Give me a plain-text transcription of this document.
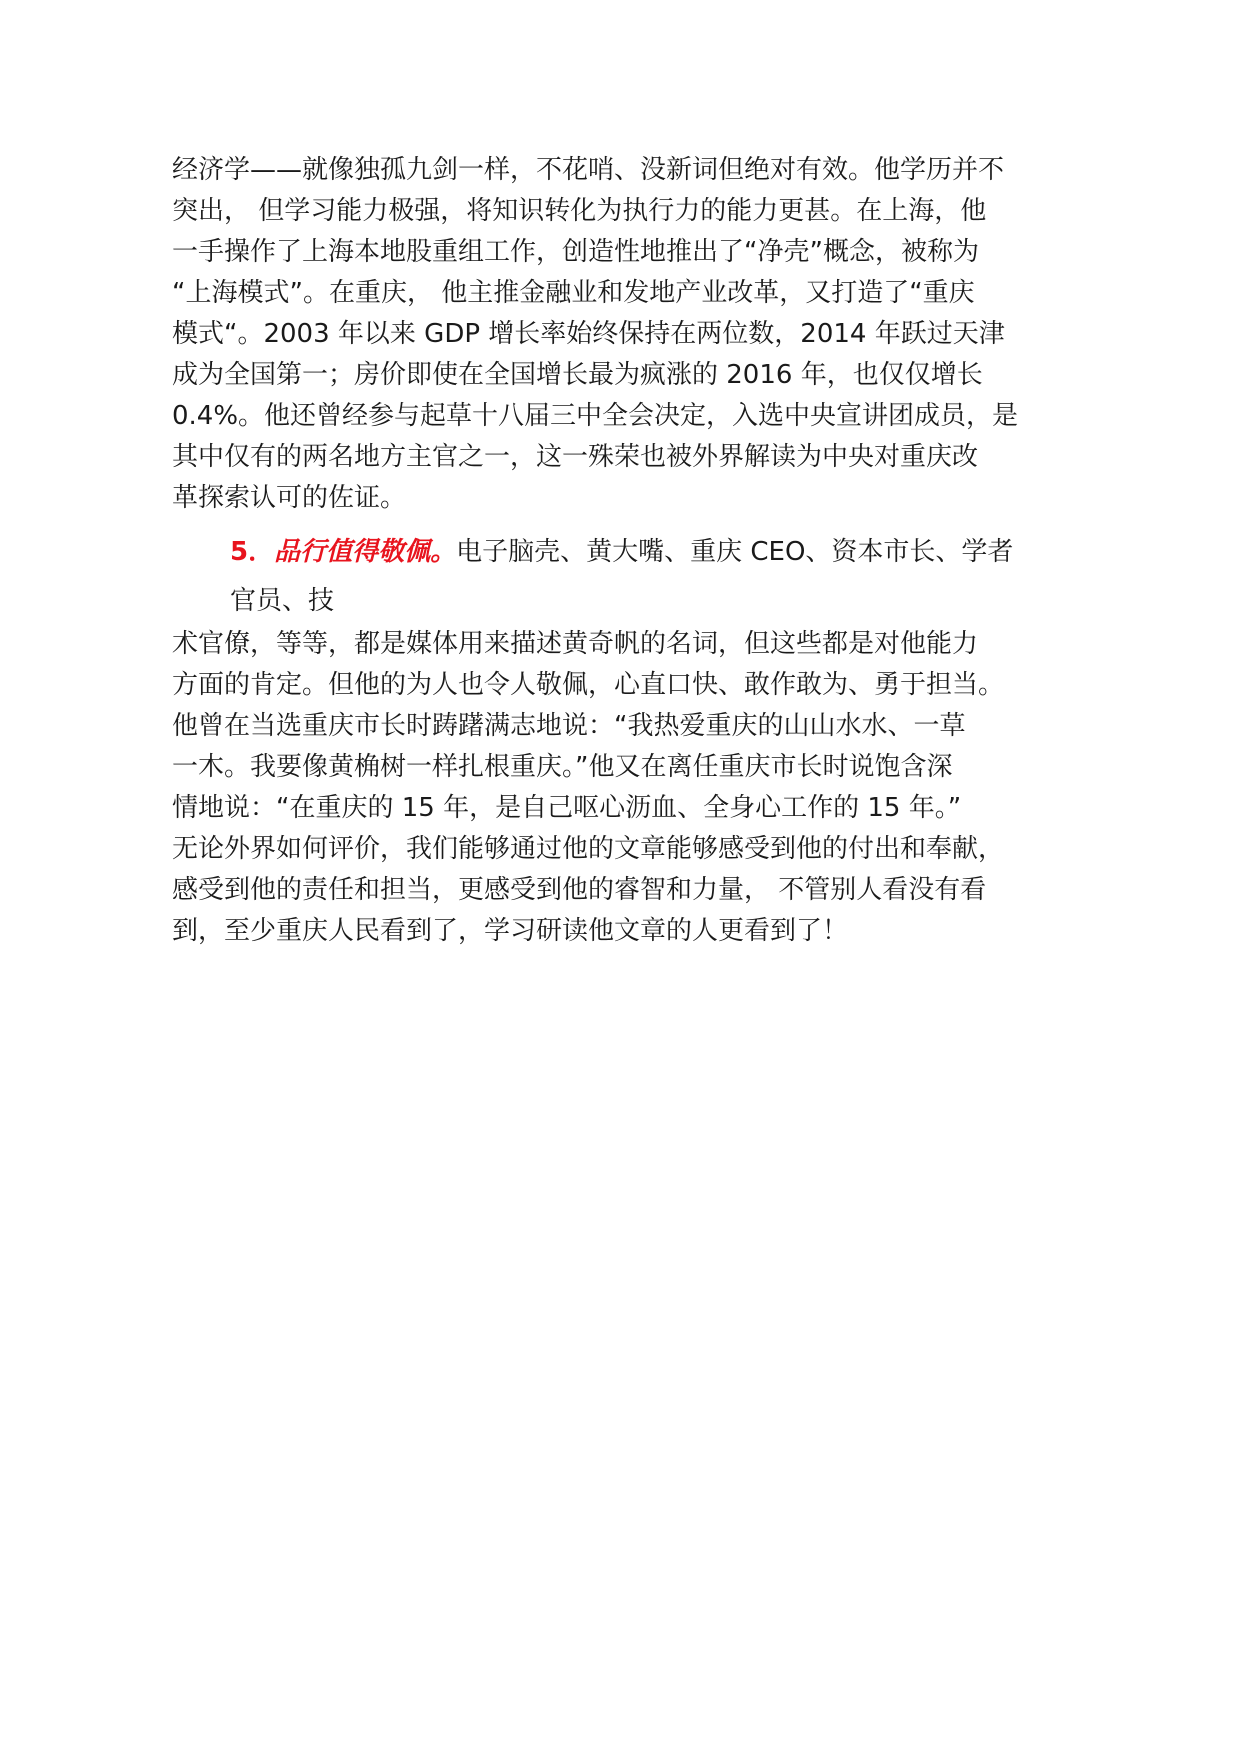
经济学——就像独孤九剑一样，不花哨、没新词但绝对有效。他学历并不
突出， 但学习能力极强，将知识转化为执行力的能力更甚。在上海，他
一手操作了上海本地股重组工作，创造性地推出了“净壳”概念，被称为
“上海模式”。在重庆， 他主推金融业和发地产业改革，又打造了“重庆
模式“。2003 年以来 GDP 增长率始终保持在两位数，2014 年跃过天津
成为全国第一；房价即使在全国增长最为疯涨的 2016 年，也仅仅增长
0.4%。他还曾经参与起草十八届三中全会决定，入选中央宣讲团成员，是
其中仅有的两名地方主官之一，这一殊荣也被外界解读为中央对重庆改
革探索认可的佐证。
5．品行值得敬佩。电子脑壳、黄大嘴、重庆 CEO、资本市长、学者
官员、技
术官僚，等等，都是媒体用来描述黄奇帆的名词，但这些都是对他能力
方面的肯定。但他的为人也令人敬佩，心直口快、敢作敢为、勇于担当。
他曾在当选重庆市长时踌躇满志地说：“我热爱重庆的山山水水、一草
一木。我要像黄桷树一样扎根重庆。”他又在离任重庆市长时说饱含深
情地说：“在重庆的 15 年，是自己呕心沥血、全身心工作的 15 年。”
无论外界如何评价，我们能够通过他的文章能够感受到他的付出和奉献，
感受到他的责任和担当，更感受到他的睿智和力量， 不管别人看没有看
到，至少重庆人民看到了，学习研读他文章的人更看到了！
